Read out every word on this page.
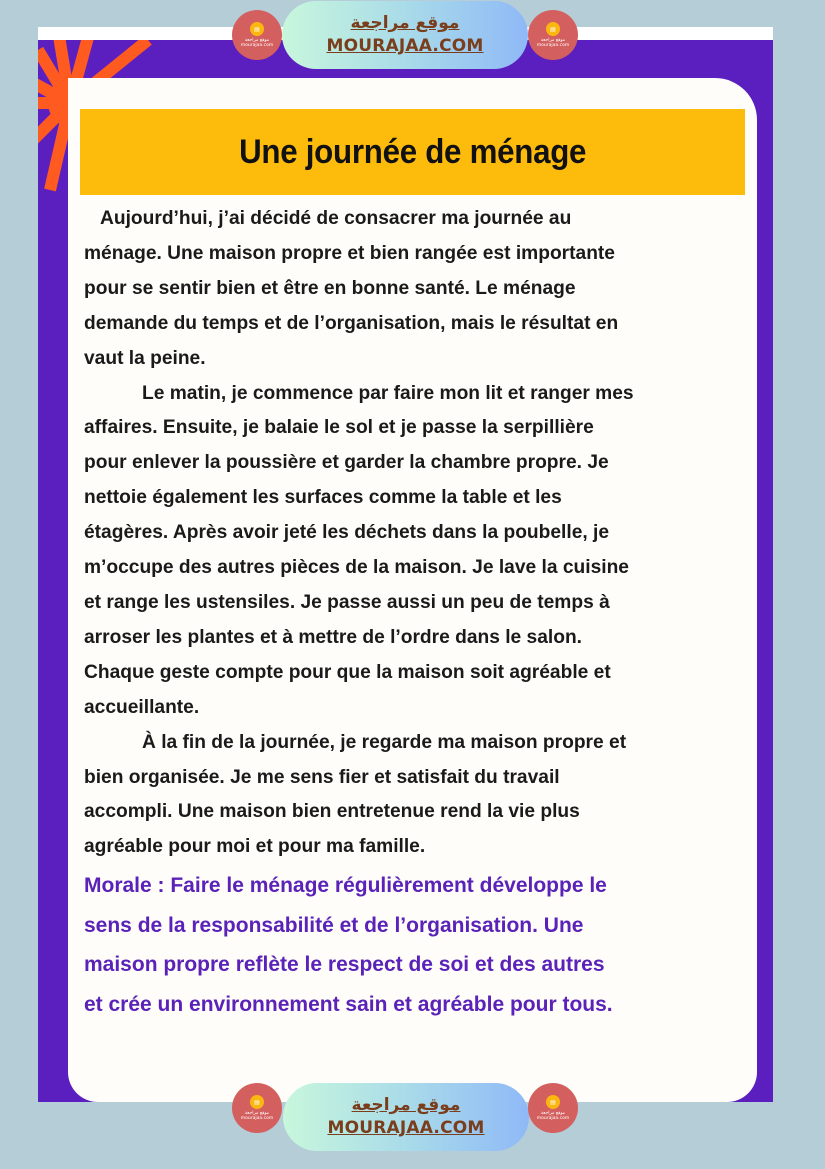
Une journée de ménage

Aujourd’hui, j’ai décidé de consacrer ma journée au

ménage. Une maison propre et bien rangée est importante
pour se sentir bien et être en bonne santé. Le ménage
demande du temps et de l’organisation, mais le résultat en
vaut la peine.

Le matin, je commence par faire mon lit et ranger mes

affaires. Ensuite, je balaie le sol et je passe la serpillière
pour enlever la poussière et garder la chambre propre. Je
nettoie également les surfaces comme la table et les
étagères. Après avoir jeté les déchets dans la poubelle, je
m’occupe des autres pièces de la maison. Je lave la cuisine
et range les ustensiles. Je passe aussi un peu de temps à
arroser les plantes et à mettre de l’ordre dans le salon.
Chaque geste compte pour que la maison soit agréable et
accueillante.

À la fin de la journée, je regarde ma maison propre et

bien organisée. Je me sens fier et satisfait du travail
accompli. Une maison bien entretenue rend la vie plus
agréable pour moi et pour ma famille.

Morale : Faire le ménage régulièrement développe le
sens de la responsabilité et de l’organisation. Une
maison propre reflète le respect de soi et des autres
et crée un environnement sain et agréable pour tous.

▤
موقع مراجعة
mourajaa.com
موقع مراجعة
MOURAJAA.COM
▤
موقع مراجعة
mourajaa.com
▤
موقع مراجعة
mourajaa.com
موقع مراجعة
MOURAJAA.COM
▤
موقع مراجعة
mourajaa.com
